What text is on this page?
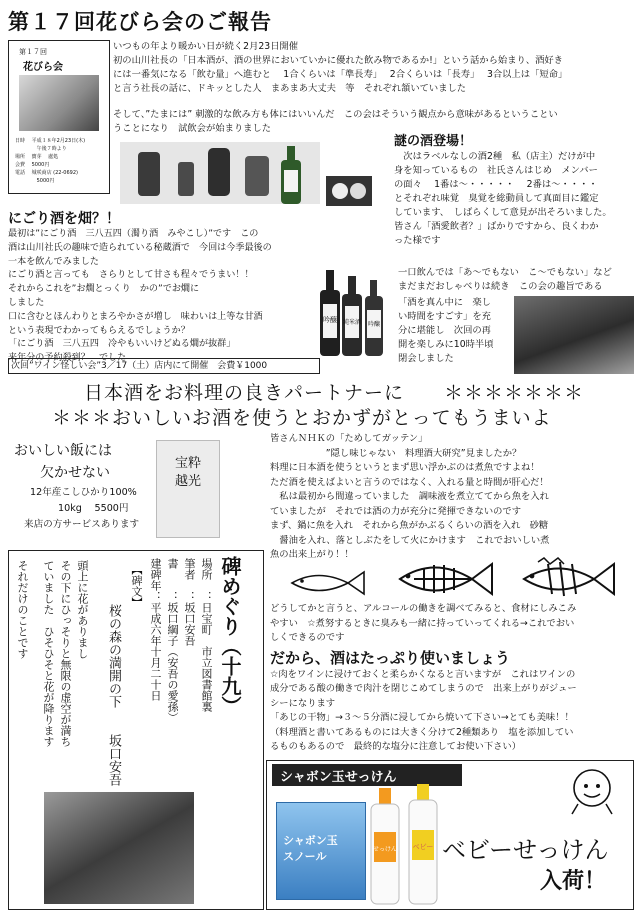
第１７回花びら会のご報告
第１７回
花びら会
日時　 平成１８年2月23日(木)
　　　　 午後７時より
場所　 寶芽　 處処
会費　 5000円
電話　 城咲商店 (22-0692)
　　　　 5000円
いつもの年より暖かい日が続く2月23日開催
初の山川社長の「日本酒が、酒の世界においていかに優れた飲み物であるか!」という話から始まり、酒好き
には一番気になる「飲む量」へ進むと　 1合くらいは「準長寿」　 2合くらいは「長寿」　 3合以上は「短命」
と言う社長の話に、ドキッとした人　まあまあ大丈夫　等　それぞれ頷いていました
そして、”たまには” 刺激的な飲み方も体にはいいんだ　この会はそういう観点から意味があるということい
うことになり　試飲会が始まりました
謎の酒登場！
　次はラベルなしの酒2種　私（店主）だけが中
身を知っているもの　社氏さんはじめ　メンバー
の面々　 1番は〜・・・・・　 2番は〜・・・・
とそれぞれ味覚　臭覚を総動員して真面目に鑑定
しています、　しばらくして意見が出そろいました。
皆さん「酒愛飲者？」ばかりですから、良くわか
った様です
にごり酒を畑？！
最初は”にごり酒　三八五四（濁り酒　みやこし）”です　この
酒は山川社氏の趣味で造られている秘蔵酒で　今回は今季最後の
一本を飲んでみました
にごり酒と言っても　さらりとして甘さも程々でうまい！！
それからこれを”お燗とっくり　かの”でお燗に
しました
口に含むとほんわりとまろやかさが増し　味わいは上等な甘酒
という表現でわかってもらえるでしょうか？
「にごり酒　三八五四　冷やもいいけどぬる燗が抜群」
来年分の予約殺到？　でした
吟醸 純米酒 吟醸
一口飲んでは「あ〜でもない　こ〜でもない」など
まだまだおしゃべりは続き　この会の趣旨である
「酒を真ん中に　楽し
い時間をすごす」を充
分に堪能し　次回の再
開を楽しみに10時半頃
閉会しました
次回”ワイン怪しい会”3／17（土）店内にて開催　会費￥1000
日本酒をお料理の良きパートナーに　　＊＊＊＊＊＊＊
＊＊＊おいしいお酒を使うとおかずがとってもうまいよ
おいしい飯には
欠かせない
12年産こしひかり100%
10kg　 5500円
来店の方サービスあります
宝粋
越光
皆さんＮＨＫの「ためしてガッテン」
　　　　　　”隠し味じゃない　料理酒大研究”見ましたか？
料理に日本酒を使うというとまず思い浮かぶのは煮魚ですよね！
ただ酒を使えばよいと言うのではなく、入れる量と時間が肝心だ！
　私は最初から間違っていました　調味液を煮立ててから魚を入れ
ていましたが　それでは酒の力が充分に発揮できないのです
まず、鍋に魚を入れ　それから魚がかぶるくらいの酒を入れ　砂糖
　醤油を入れ、落としぶたをして火にかけます　これでおいしい煮
魚の出来上がり！！
どうしてかと言うと、アルコールの働きを調べてみると、食材にしみこみ
やすい　☆煮努するときに臭みも一緒に持っていってくれる→これでおい
しくできるのです
だから、酒はたっぷり使いましょう
☆肉をワインに浸けておくと柔らかくなると言いますが　これはワインの
成分である酸の働きで肉汁を閉じこめてしまうので　出来上がりがジュー
シーになります
「あじの干物」→３〜５分酒に浸してから焼いて下さい→とても美味！！
（料理酒と書いてあるものには大きく分けて2種類あり　塩を添加してい
るものもあるので　最終的な塩分に注意してお使い下さい）
碑めぐり（十九）
場所　：日宝町　市立図書館裏
筆者　：坂口安吾
書　　：坂口綱子（安吾の愛孫）
建碑年：平成六年十月二十日
【碑文】
桜の森の満開の下　　坂口安吾
頭上に花がありまし
その下にひっそりと無限の虚空が満ち
ていました　ひそひそと花が降ります
それだけのことです
シャボン玉せっけん
シャボン玉
スノール
せっけん ベビー ベビーせっけん
入荷！
